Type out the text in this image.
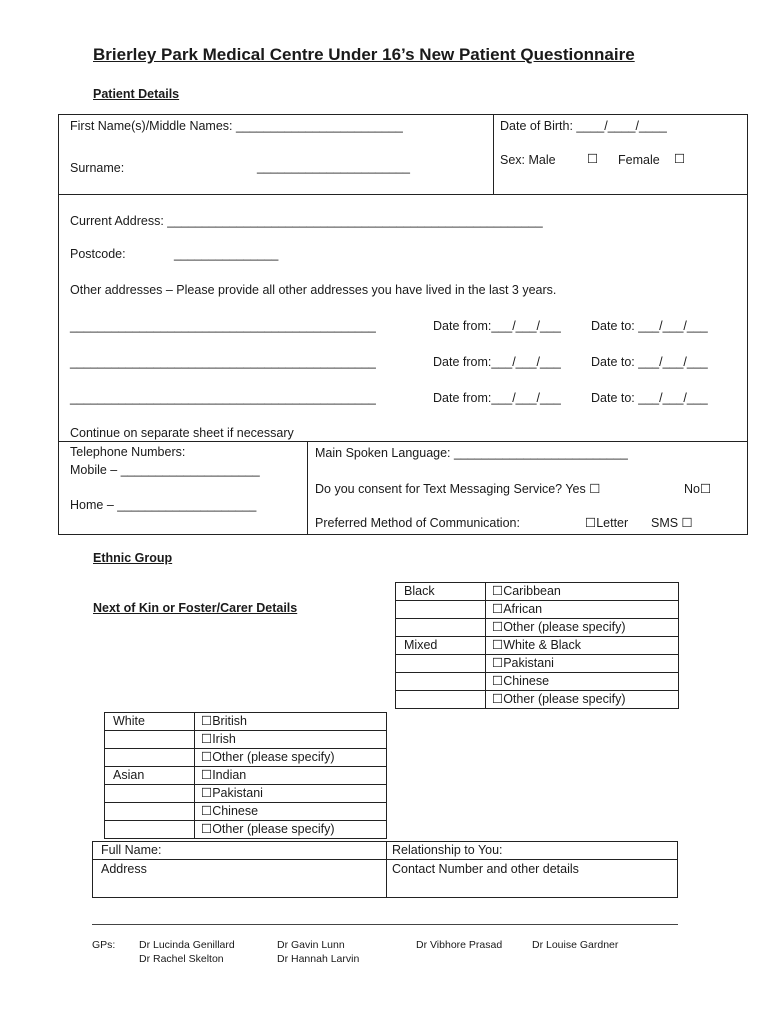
Brierley Park Medical Centre Under 16’s New Patient Questionnaire
Patient Details
First Name(s)/Middle Names: ________________________
Surname:	______________________
Date of Birth: ____/____/____
Sex: Male	☐ Female ☐
Current Address: ______________________________________________________
Postcode:	_______________
Other addresses – Please provide all other addresses you have lived in the last 3 years.
____________________________________________	Date from:___/___/___ Date to: ___/___/___
____________________________________________	Date from:___/___/___ Date to: ___/___/___
____________________________________________	Date from:___/___/___ Date to: ___/___/___
Continue on separate sheet if necessary
Telephone Numbers:
Mobile – ____________________
Home – ____________________
Main Spoken Language: _________________________
Do you consent for Text Messaging Service? Yes ☐	No☐
Preferred Method of Communication:	☐Letter SMS ☐
Ethnic Group
Next of Kin or Foster/Carer Details
Black	☐Caribbean
	☐African
	☐Other (please specify)
Mixed	☐White & Black
	☐Pakistani
	☐Chinese
	☐Other (please specify)
White	☐British
	☐Irish
	☐Other (please specify)
Asian	☐Indian
	☐Pakistani
	☐Chinese
	☐Other (please specify)
Full Name:	Relationship to You:
Address	Contact Number and other details
GPs: Dr Lucinda Genillard	Dr Gavin Lunn	Dr Vibhore Prasad	Dr Louise Gardner
Dr Rachel Skelton	Dr Hannah Larvin
